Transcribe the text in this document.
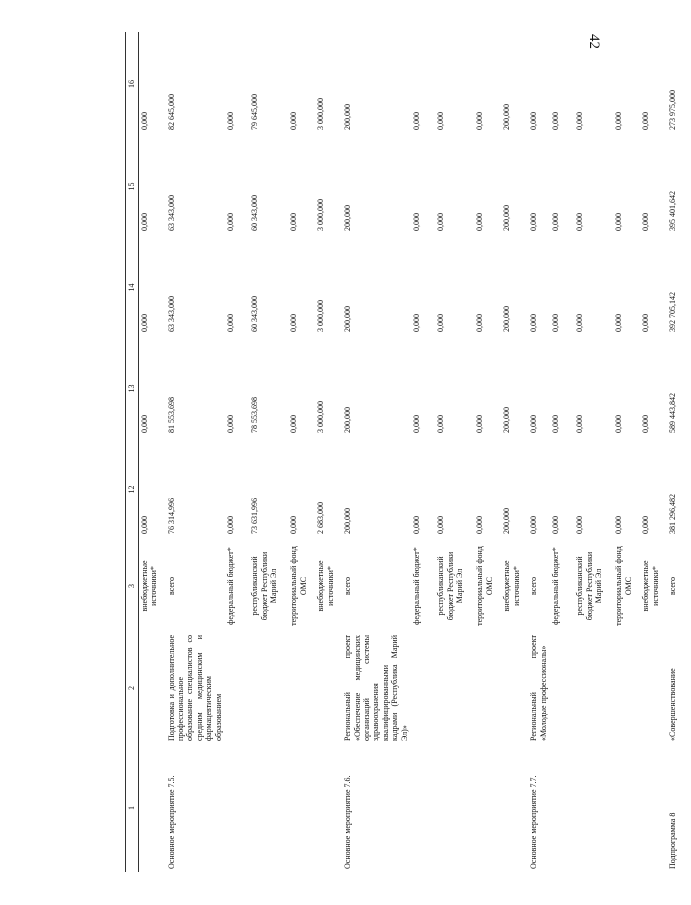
42
1	2	3	12	13	14	15	16

		внебюджетные источники*	0,000	0,000	0,000	0,000	0,000
Основное мероприятие 7.5.	Подготовка и дополнительное профессиональное образование специалистов со средним медицинским и фармацевтическим образованием	всего	76 314,996	81 553,698	63 343,000	63 343,000	82 645,000
		федеральный бюджет*	0,000	0,000	0,000	0,000	0,000

		республиканский бюджет Республики Марий Эл	73 631,996	78 553,698	60 343,000	60 343,000	79 645,000

		территориальный фонд ОМС	0,000	0,000	0,000	0,000	0,000

		внебюджетные источники*	2 683,000	3 000,000	3 000,000	3 000,000	3 000,000
Основное мероприятие 7.6.	Региональный проект «Обеспечение медицинских организаций системы здравоохранения квалифицированными кадрами (Республика Марий Эл)»	всего	200,000	200,000	200,000	200,000	200,000
		федеральный бюджет*	0,000	0,000	0,000	0,000	0,000

		республиканский бюджет Республики Марий Эл	0,000	0,000	0,000	0,000	0,000

		территориальный фонд ОМС	0,000	0,000	0,000	0,000	0,000

		внебюджетные источники*	200,000	200,000	200,000	200,000	200,000
Основное мероприятие 7.7.	Региональный проект «Молодые профессионалы»	всего	0,000	0,000	0,000	0,000	0,000
		федеральный бюджет*	0,000	0,000	0,000	0,000	0,000

		республиканский бюджет Республики Марий Эл	0,000	0,000	0,000	0,000	0,000

		территориальный фонд ОМС	0,000	0,000	0,000	0,000	0,000

		внебюджетные источники*	0,000	0,000	0,000	0,000	0,000
Подпрограмма 8	«Совершенствование	всего	381 296,482	589 443,842	392 705,142	395 401,642	273 975,000
